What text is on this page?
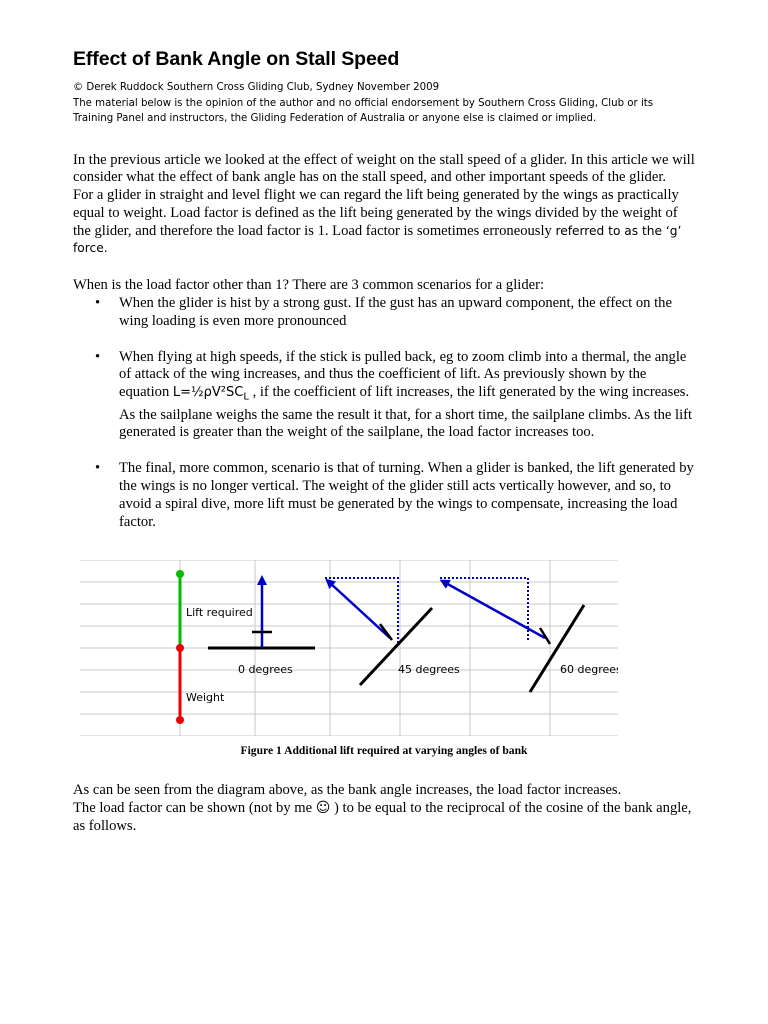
Effect of Bank Angle on Stall Speed

© Derek Ruddock Southern Cross Gliding Club, Sydney November 2009

The material below is the opinion of the author and no official endorsement by Southern Cross Gliding, Club or its Training Panel and instructors, the Gliding Federation of Australia or anyone else is claimed or implied.

In the previous article we looked at the effect of weight on the stall speed of a glider. In this article we will consider what the effect of bank angle has on the stall speed, and other important speeds of the glider.

For a glider in straight and level flight we can regard the lift being generated by the wings as practically equal to weight. Load factor is defined as the lift being generated by the wings divided by the weight of the glider, and therefore the load factor is 1. Load factor is sometimes erroneously referred to as the ‘g’ force.

When is the load factor other than 1? There are 3 common scenarios for a glider:

• When the glider is hist by a strong gust. If the gust has an upward component, the effect on the wing loading is even more pronounced
• When flying at high speeds, if the stick is pulled back, eg to zoom climb into a thermal, the angle of attack of the wing increases, and thus the coefficient of lift. As previously shown by the equation $L=\frac{1}{2}\rho V^2SC_L$ , if the coefficient of lift increases, the lift generated by the wing increases. As the sailplane weighs the same the result it that, for a short time, the sailplane climbs. As the lift generated is greater than the weight of the sailplane, the load factor increases too.
• The final, more common, scenario is that of turning. When a glider is banked, the lift generated by the wings is no longer vertical. The weight of the glider still acts vertically however, and so, to avoid a spiral dive, more lift must be generated by the wings to compensate, increasing the load factor.
Lift required
Weight
0 degrees	45 degrees	60 degrees
Figure 1 Additional lift required at varying angles of bank

As can be seen from the diagram above, as the bank angle increases, the load factor increases.

The load factor can be shown (not by me ☺ ) to be equal to the reciprocal of the cosine of the bank angle, as follows.
